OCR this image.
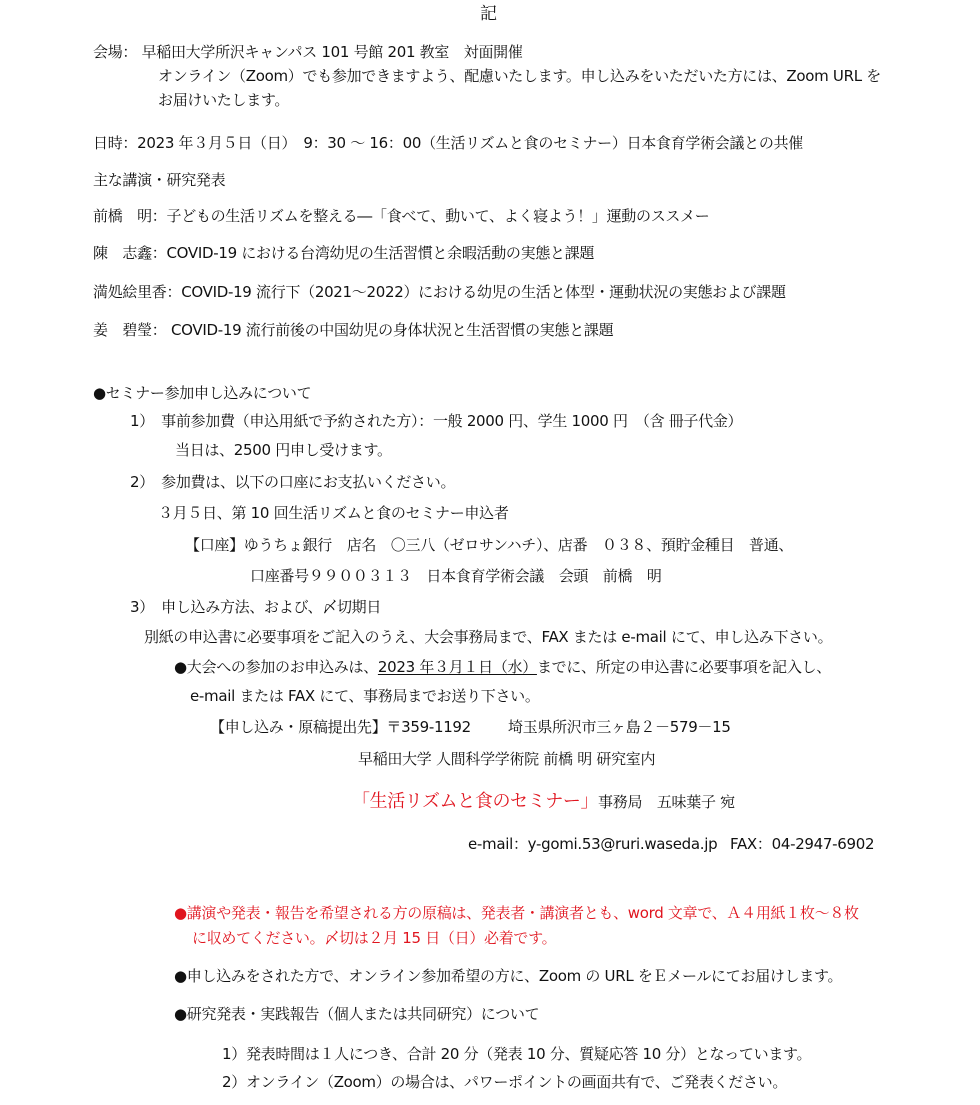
記
会場： 早稲田大学所沢キャンパス 101 号館 201 教室　対面開催
オンライン（Zoom）でも参加できますよう、配慮いたします。申し込みをいただいた方には、Zoom URL を
お届けいたします。
日時：2023 年３月５日（日）　9：30 ～ 16：00（生活リズムと食のセミナー）日本食育学術会議との共催
主な講演・研究発表
前橋　明：子どもの生活リズムを整える―「食べて、動いて、よく寝よう！」運動のススメー
陳　志鑫：COVID-19 における台湾幼児の生活習慣と余暇活動の実態と課題
満処絵里香：COVID-19 流行下（2021～2022）における幼児の生活と体型・運動状況の実態および課題
姜　碧瑩： COVID-19 流行前後の中国幼児の身体状況と生活習慣の実態と課題
●セミナー参加申し込みについて
1）　事前参加費（申込用紙で予約された方）：一般 2000 円、学生 1000 円　（含 冊子代金）
当日は、2500 円申し受けます。
2）　参加費は、以下の口座にお支払いください。
３月５日、第 10 回生活リズムと食のセミナー申込者
【口座】ゆうちょ銀行　店名　〇三八（ゼロサンハチ）、店番　０３８、預貯金種目　普通、
口座番号９９００３１３　日本食育学術会議　会頭　前橋　明
3）　申し込み方法、および、〆切期日
別紙の申込書に必要事項をご記入のうえ、大会事務局まで、FAX または e-mail にて、申し込み下さい。
●大会への参加のお申込みは、2023 年３月１日（水）までに、所定の申込書に必要事項を記入し、
e-mail または FAX にて、事務局までお送り下さい。
【申し込み・原稿提出先】〒359-1192 埼玉県所沢市三ヶ島２－579－15
早稲田大学 人間科学学術院 前橋 明 研究室内
「生活リズムと食のセミナー」事務局　五味葉子 宛
e-mail：y-gomi.53@ruri.waseda.jp FAX：04-2947-6902
●講演や発表・報告を希望される方の原稿は、発表者・講演者とも、word 文章で、Ａ４用紙１枚～８枚
に収めてください。〆切は２月 15 日（日）必着です。
●申し込みをされた方で、オンライン参加希望の方に、Zoom の URL をＥメールにてお届けします。
●研究発表・実践報告（個人または共同研究）について
1）発表時間は１人につき、合計 20 分（発表 10 分、質疑応答 10 分）となっています。
2）オンライン（Zoom）の場合は、パワーポイントの画面共有で、ご発表ください。
